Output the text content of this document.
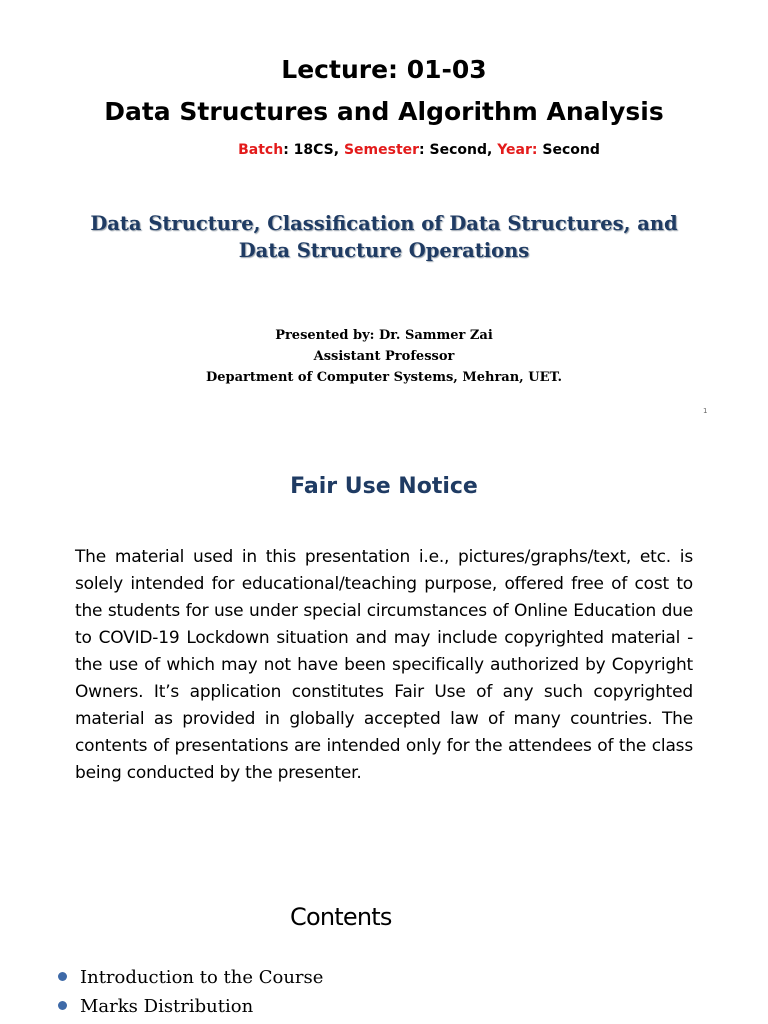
Lecture: 01-03
Data Structures and Algorithm Analysis
Batch: 18CS, Semester: Second, Year: Second
Data Structure, Classification of Data Structures, and
Data Structure Operations
Presented by: Dr. Sammer Zai
Assistant Professor
Department of Computer Systems, Mehran, UET.
1
Fair Use Notice
The material used in this presentation i.e., pictures/graphs/text, etc. is solely intended for educational/teaching purpose, offered free of cost to the students for use under special circumstances of Online Education due to COVID-19 Lockdown situation and may include copyrighted material - the use of which may not have been specifically authorized by Copyright Owners. It’s application constitutes Fair Use of any such copyrighted material as provided in globally accepted law of many countries. The contents of presentations are intended only for the attendees of the class being conducted by the presenter.
Contents
Introduction to the Course
Marks Distribution
